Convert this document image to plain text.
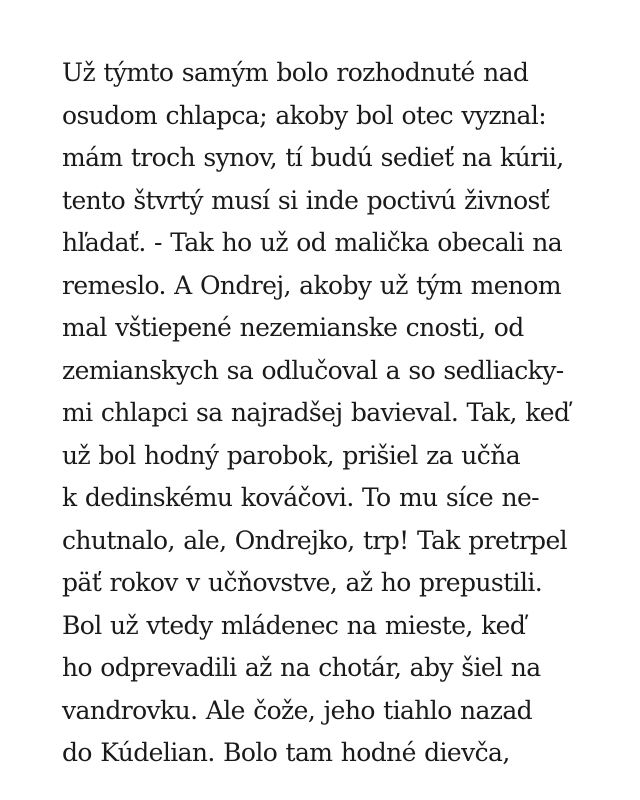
Už týmto samým bolo rozhodnuté nad
osudom chlapca; akoby bol otec vyznal:
mám troch synov, tí budú sedieť na kúrii,
tento štvrtý musí si inde poctivú živnosť
hľadať. - Tak ho už od malička obecali na
remeslo. A Ondrej, akoby už tým menom
mal vštiepené nezemianske cnosti, od
zemianskych sa odlučoval a so sedliacky-
mi chlapci sa najradšej bavieval. Tak, keď
už bol hodný parobok, prišiel za učňa
k dedinskému kováčovi. To mu síce ne-
chutnalo, ale, Ondrejko, trp! Tak pretrpel
päť rokov v učňovstve, až ho prepustili.
Bol už vtedy mládenec na mieste, keď
ho odprevadili až na chotár, aby šiel na
vandrovku. Ale čože, jeho tiahlo nazad
do Kúdelian. Bolo tam hodné dievča,
